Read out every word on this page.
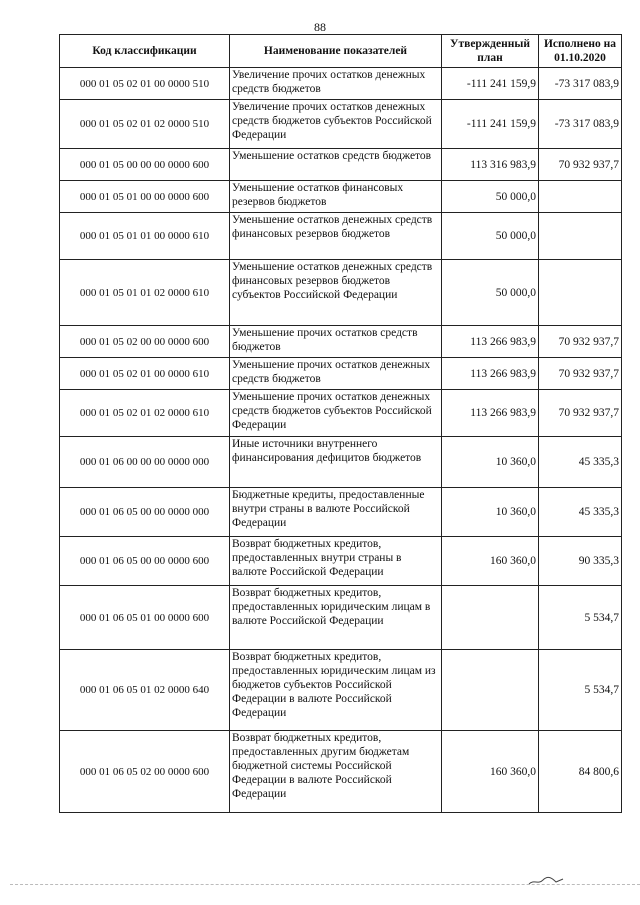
88
Код классификации	Наименование показателей	Утвержденный план	Исполнено на 01.10.2020
000 01 05 02 01 00 0000 510	Увеличение прочих остатков денежных средств бюджетов	-111 241 159,9	-73 317 083,9
000 01 05 02 01 02 0000 510	Увеличение прочих остатков денежных средств бюджетов субъектов Российской Федерации	-111 241 159,9	-73 317 083,9
000 01 05 00 00 00 0000 600	Уменьшение остатков средств бюджетов	113 316 983,9	70 932 937,7
000 01 05 01 00 00 0000 600	Уменьшение остатков финансовых резервов бюджетов	50 000,0	
000 01 05 01 01 00 0000 610	Уменьшение остатков денежных средств финансовых резервов бюджетов	50 000,0	
000 01 05 01 01 02 0000 610	Уменьшение остатков денежных средств финансовых резервов бюджетов субъектов Российской Федерации	50 000,0	
000 01 05 02 00 00 0000 600	Уменьшение прочих остатков средств бюджетов	113 266 983,9	70 932 937,7
000 01 05 02 01 00 0000 610	Уменьшение прочих остатков денежных средств бюджетов	113 266 983,9	70 932 937,7
000 01 05 02 01 02 0000 610	Уменьшение прочих остатков денежных средств бюджетов субъектов Российской Федерации	113 266 983,9	70 932 937,7
000 01 06 00 00 00 0000 000	Иные источники внутреннего финансирования дефицитов бюджетов	10 360,0	45 335,3
000 01 06 05 00 00 0000 000	Бюджетные кредиты, предоставленные внутри страны в валюте Российской Федерации	10 360,0	45 335,3
000 01 06 05 00 00 0000 600	Возврат бюджетных кредитов, предоставленных внутри страны в валюте Российской Федерации	160 360,0	90 335,3
000 01 06 05 01 00 0000 600	Возврат бюджетных кредитов, предоставленных юридическим лицам в валюте Российской Федерации		5 534,7
000 01 06 05 01 02 0000 640	Возврат бюджетных кредитов, предоставленных юридическим лицам из бюджетов субъектов Российской Федерации в валюте Российской Федерации		5 534,7
000 01 06 05 02 00 0000 600	Возврат бюджетных кредитов, предоставленных другим бюджетам бюджетной системы Российской Федерации в валюте Российской Федерации	160 360,0	84 800,6
